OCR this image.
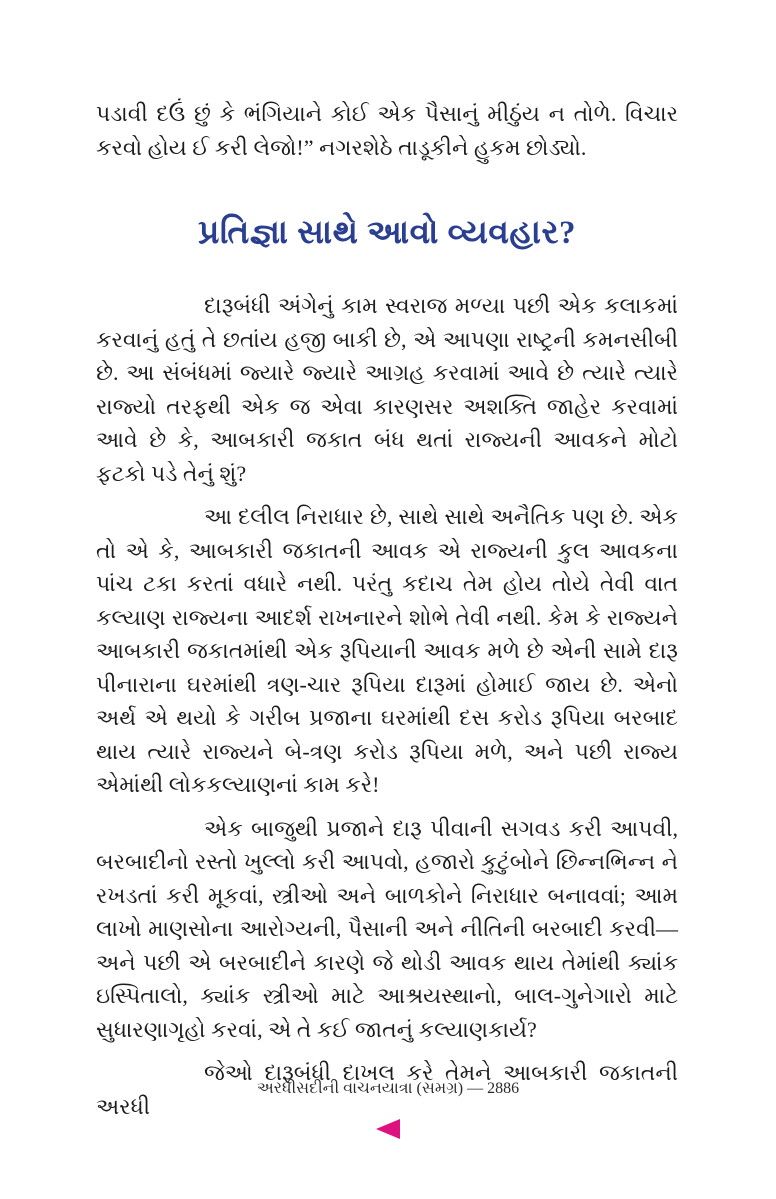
પડાવી દઉં છું કે ભંગિયાને કોઈ એક પૈસાનું મીઠુંય ન તોળે. વિચાર કરવો હોય ઈ કરી લેજો!” નગરશેઠે તાડૂકીને હુકમ છોડ્યો.

પ્રતિજ્ઞા સાથે આવો વ્યવહાર?

દારૂબંધી અંગેનું કામ સ્વરાજ મળ્યા પછી એક કલાકમાં કરવાનું હતું તે છતાંય હજી બાકી છે, એ આપણા રાષ્ટ્રની કમનસીબી છે. આ સંબંધમાં જ્યારે જ્યારે આગ્રહ કરવામાં આવે છે ત્યારે ત્યારે રાજ્યો તરફથી એક જ એવા કારણસર અશક્તિ જાહેર કરવામાં આવે છે કે, આબકારી જકાત બંધ થતાં રાજ્યની આવકને મોટો ફટકો પડે તેનું શું?

આ દલીલ નિરાધાર છે, સાથે સાથે અનૈતિક પણ છે. એક તો એ કે, આબકારી જકાતની આવક એ રાજ્યની કુલ આવકના પાંચ ટકા કરતાં વધારે નથી. પરંતુ કદાચ તેમ હોય તોયે તેવી વાત કલ્યાણ રાજ્યના આદર્શ રાખનારને શોભે તેવી નથી. કેમ કે રાજ્યને આબકારી જકાતમાંથી એક રૂપિયાની આવક મળે છે એની સામે દારૂ પીનારાના ઘરમાંથી ત્રણ-ચાર રૂપિયા દારૂમાં હોમાઈ જાય છે. એનો અર્થ એ થયો કે ગરીબ પ્રજાના ઘરમાંથી દસ કરોડ રૂપિયા બરબાદ થાય ત્યારે રાજ્યને બે-ત્રણ કરોડ રૂપિયા મળે, અને પછી રાજ્ય એમાંથી લોકકલ્યાણનાં કામ કરે!

એક બાજુથી પ્રજાને દારૂ પીવાની સગવડ કરી આપવી, બરબાદીનો રસ્તો ખુલ્લો કરી આપવો, હજારો કુટુંબોને છિન્નભિન્ન ને રખડતાં કરી મૂકવાં, સ્ત્રીઓ અને બાળકોને નિરાધાર બનાવવાં; આમ લાખો માણસોના આરોગ્યની, પૈસાની અને નીતિની બરબાદી કરવી—અને પછી એ બરબાદીને કારણે જે થોડી આવક થાય તેમાંથી ક્યાંક ઇસ્પિતાલો, ક્યાંક સ્ત્રીઓ માટે આશ્રયસ્થાનો, બાલ-ગુનેગારો માટે સુધારણાગૃહો કરવાં, એ તે કઈ જાતનું કલ્યાણકાર્ય?

જેઓ દારૂબંધી દાખલ કરે તેમને આબકારી જકાતની અરધી

અરધીસદીની વાચનયાત્રા (સમગ્ર) — 2886
